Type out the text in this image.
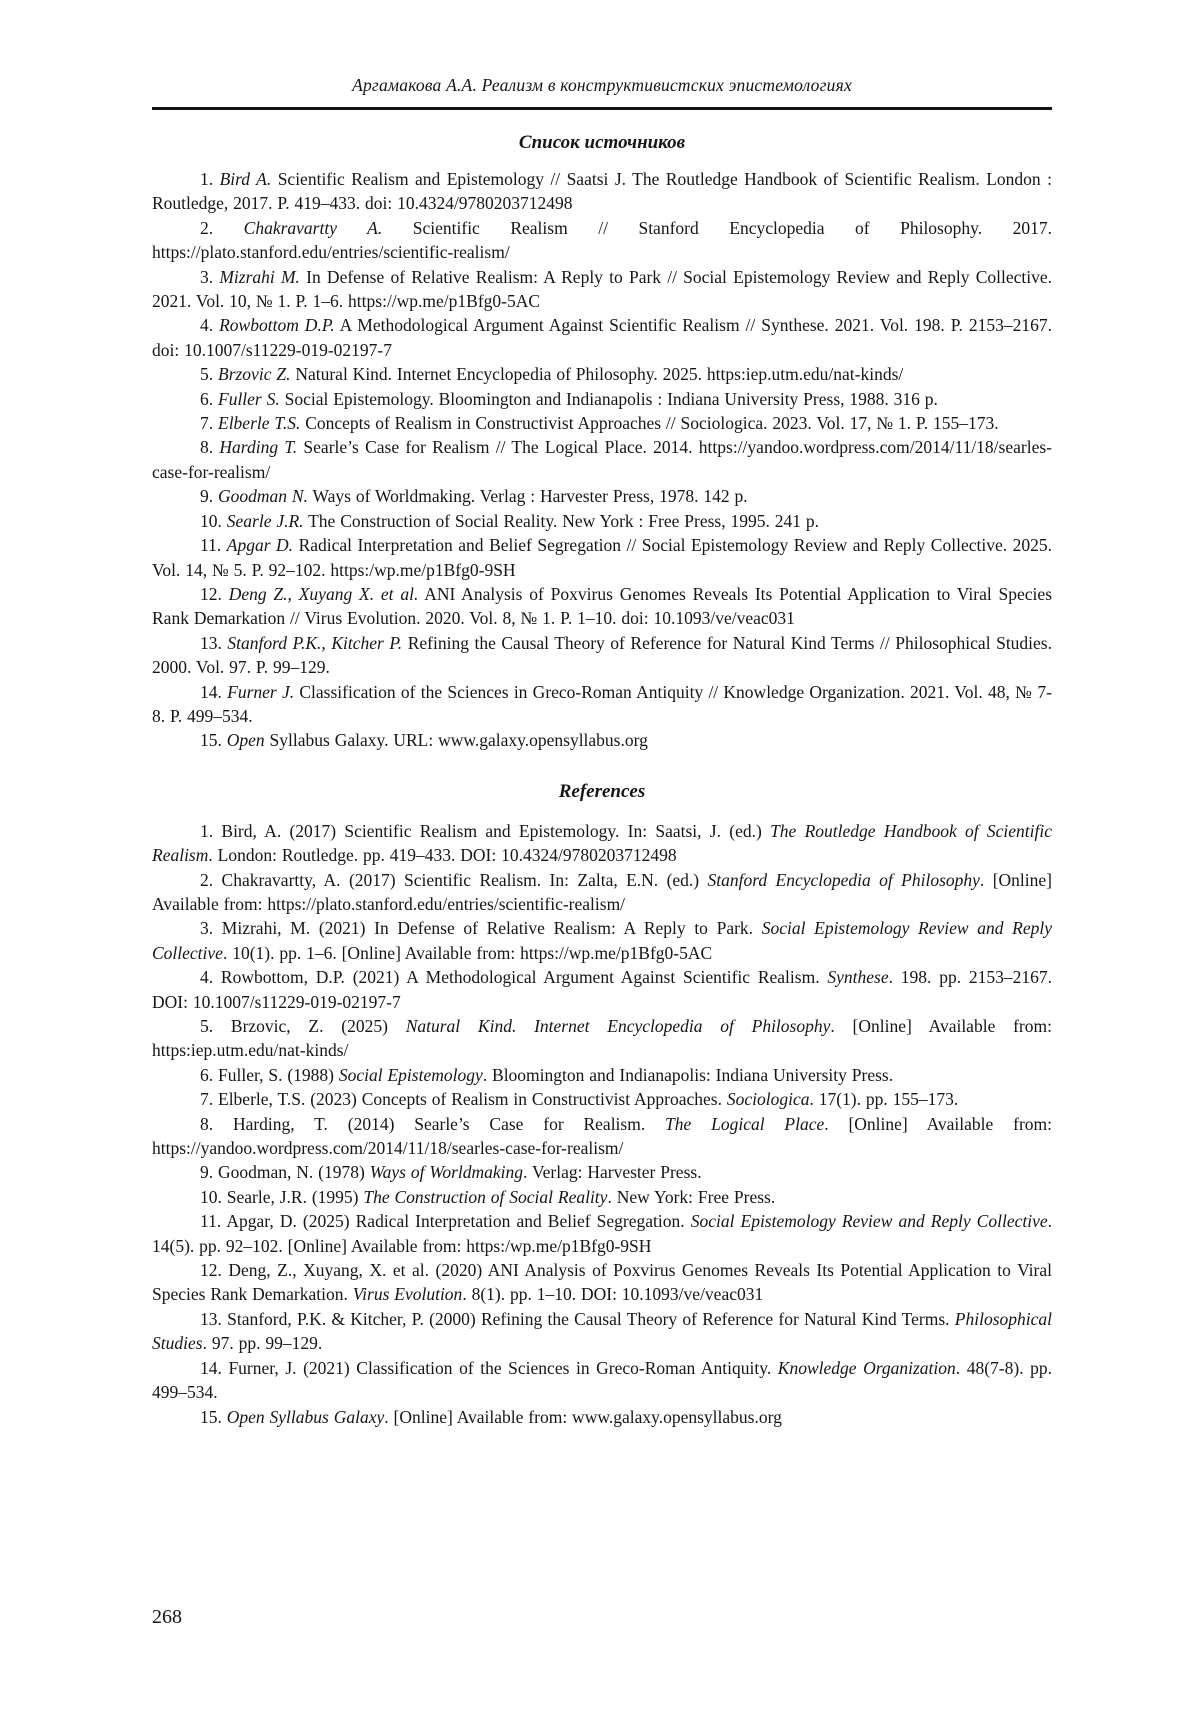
Аргамакова А.А. Реализм в конструктивистских эпистемологиях
Список источников

1. Bird A. Scientific Realism and Epistemology // Saatsi J. The Routledge Handbook of Scientific Realism. London : Routledge, 2017. P. 419–433. doi: 10.4324/9780203712498

2. Chakravartty A. Scientific Realism // Stanford Encyclopedia of Philosophy. 2017. https://plato.stanford.edu/entries/scientific-realism/

3. Mizrahi M. In Defense of Relative Realism: A Reply to Park // Social Epistemology Review and Reply Collective. 2021. Vol. 10, № 1. P. 1–6. https://wp.me/p1Bfg0-5AC

4. Rowbottom D.P. A Methodological Argument Against Scientific Realism // Synthese. 2021. Vol. 198. P. 2153–2167. doi: 10.1007/s11229-019-02197-7

5. Brzovic Z. Natural Kind. Internet Encyclopedia of Philosophy. 2025. https:iep.utm.edu/nat-kinds/

6. Fuller S. Social Epistemology. Bloomington and Indianapolis : Indiana University Press, 1988. 316 p.

7. Elberle T.S. Concepts of Realism in Constructivist Approaches // Sociologica. 2023. Vol. 17, № 1. P. 155–173.

8. Harding T. Searle’s Case for Realism // The Logical Place. 2014. https://yandoo.wordpress.com/2014/11/18/searles-case-for-realism/

9. Goodman N. Ways of Worldmaking. Verlag : Harvester Press, 1978. 142 p.

10. Searle J.R. The Construction of Social Reality. New York : Free Press, 1995. 241 p.

11. Apgar D. Radical Interpretation and Belief Segregation // Social Epistemology Review and Reply Collective. 2025. Vol. 14, № 5. P. 92–102. https:/wp.me/p1Bfg0-9SH

12. Deng Z., Xuyang X. et al. ANI Analysis of Poxvirus Genomes Reveals Its Potential Application to Viral Species Rank Demarkation // Virus Evolution. 2020. Vol. 8, № 1. P. 1–10. doi: 10.1093/ve/veac031

13. Stanford P.K., Kitcher P. Refining the Causal Theory of Reference for Natural Kind Terms // Philosophical Studies. 2000. Vol. 97. P. 99–129.

14. Furner J. Classification of the Sciences in Greco-Roman Antiquity // Knowledge Organization. 2021. Vol. 48, № 7-8. P. 499–534.

15. Open Syllabus Galaxy. URL: www.galaxy.opensyllabus.org

References

1. Bird, A. (2017) Scientific Realism and Epistemology. In: Saatsi, J. (ed.) The Routledge Handbook of Scientific Realism. London: Routledge. pp. 419–433. DOI: 10.4324/9780203712498

2. Chakravartty, A. (2017) Scientific Realism. In: Zalta, E.N. (ed.) Stanford Encyclopedia of Philosophy. [Online] Available from: https://plato.stanford.edu/entries/scientific-realism/

3. Mizrahi, M. (2021) In Defense of Relative Realism: A Reply to Park. Social Epistemology Review and Reply Collective. 10(1). pp. 1–6. [Online] Available from: https://wp.me/p1Bfg0-5AC

4. Rowbottom, D.P. (2021) A Methodological Argument Against Scientific Realism. Synthese. 198. pp. 2153–2167. DOI: 10.1007/s11229-019-02197-7

5. Brzovic, Z. (2025) Natural Kind. Internet Encyclopedia of Philosophy. [Online] Available from: https:iep.utm.edu/nat-kinds/

6. Fuller, S. (1988) Social Epistemology. Bloomington and Indianapolis: Indiana University Press.

7. Elberle, T.S. (2023) Concepts of Realism in Constructivist Approaches. Sociologica. 17(1). pp. 155–173.

8. Harding, T. (2014) Searle’s Case for Realism. The Logical Place. [Online] Available from: https://yandoo.wordpress.com/2014/11/18/searles-case-for-realism/

9. Goodman, N. (1978) Ways of Worldmaking. Verlag: Harvester Press.

10. Searle, J.R. (1995) The Construction of Social Reality. New York: Free Press.

11. Apgar, D. (2025) Radical Interpretation and Belief Segregation. Social Epistemology Review and Reply Collective. 14(5). pp. 92–102. [Online] Available from: https:/wp.me/p1Bfg0-9SH

12. Deng, Z., Xuyang, X. et al. (2020) ANI Analysis of Poxvirus Genomes Reveals Its Potential Application to Viral Species Rank Demarkation. Virus Evolution. 8(1). pp. 1–10. DOI: 10.1093/ve/veac031

13. Stanford, P.K. & Kitcher, P. (2000) Refining the Causal Theory of Reference for Natural Kind Terms. Philosophical Studies. 97. pp. 99–129.

14. Furner, J. (2021) Classification of the Sciences in Greco-Roman Antiquity. Knowledge Organization. 48(7-8). pp. 499–534.

15. Open Syllabus Galaxy. [Online] Available from: www.galaxy.opensyllabus.org

268
